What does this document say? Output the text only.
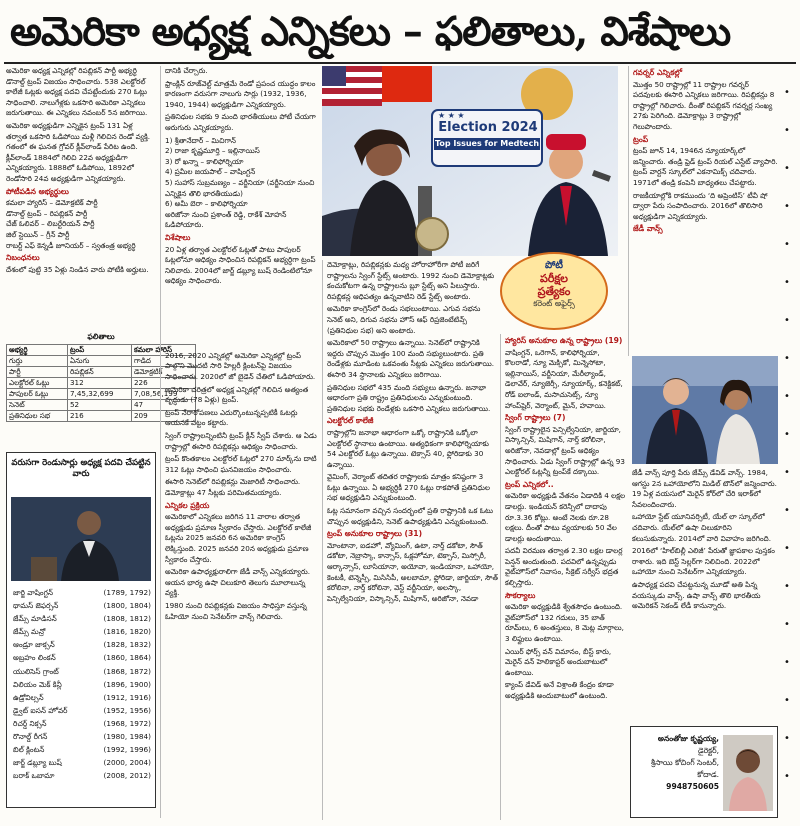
అమెరికా అధ్యక్ష ఎన్నికలు – ఫలితాలు, విశేషాలు

అమెరికా అధ్యక్ష ఎన్నికల్లో రిపబ్లికన్ పార్టీ అభ్యర్థి డొనాల్డ్ ట్రంప్ విజయం సాధించారు. 538 ఎలక్టోరల్ కాలేజీ ఓట్లకు అధ్యక్ష పదవి చేపట్టేందుకు 270 ఓట్లు సాధించాలి. నాలుగేళ్లకు ఒకసారి అమెరికా ఎన్నికలు జరుగుతాయి. ఈ ఎన్నికలు నవంబర్ 5న జరిగాయి.

అమెరికా అధ్యక్షుడిగా ఎన్నికైన ట్రంప్ 131 ఏళ్ల తర్వాత ఒకసారి ఓడిపోయి మళ్లీ గెలిచిన రెండో వ్యక్తి. గతంలో ఈ ఘనత గ్రోవర్ క్లీవ్‌లాండ్ పేరిట ఉంది. క్లీవ్‌లాండ్ 1884లో గెలిచి 22వ అధ్యక్షుడిగా ఎన్నికయ్యారు. 1888లో ఓడిపోయి, 1892లో రెండోసారి 24వ అధ్యక్షుడిగా ఎన్నికయ్యారు.

పోటీపడిన అభ్యర్థులు
కమలా హ్యారిస్ – డెమోక్రటిక్ పార్టీ
డొనాల్డ్ ట్రంప్ – రిపబ్లికన్ పార్టీ
చేజ్ ఓలివర్ – లిబర్టేరియన్ పార్టీ
జిల్ స్టెయిన్ – గ్రీన్ పార్టీ
రాబర్ట్ ఎఫ్ కెన్నడీ జూనియర్ – స్వతంత్ర అభ్యర్థి
నిబంధనలు

దేశంలో పుట్టి 35 ఏళ్లు నిండిన వారు పోటీకి అర్హులు.

ఫలితాలు
అభ్యర్థి	ట్రంప్	కమలా హారిస్
గుర్తు	ఏనుగు	గాడిద
పార్టీ	రిపబ్లికన్	డెమోక్రటిక్
ఎలక్టోరల్ ఓట్లు	312	226
పాపులర్ ఓట్లు	7,45,32,699	7,08,56,199
సెనెట్	52	47
ప్రతినిధుల సభ	216	209
వరుసగా రెండుసార్లు అధ్యక్ష పదవి చేపట్టిన వారు

జార్జి వాషింగ్టన్	(1789, 1792)

థామస్ జెఫర్సన్	(1800, 1804)

జేమ్స్ మాడిసన్	(1808, 1812)

జేమ్స్ మన్రో	(1816, 1820)

ఆండ్రూ జాక్సన్	(1828, 1832)

అబ్రహం లింకన్	(1860, 1864)

యులిసెస్ గ్రాంట్	(1868, 1872)

విలియం మెక్ కిన్లీ	(1896, 1900)

ఉడ్రోవిల్సన్	(1912, 1916)

డ్వైట్ ఐసన్ హోవర్	(1952, 1956)

రిచర్డ్ నిక్సన్	(1968, 1972)

రొనాల్డ్ రీగన్	(1980, 1984)

బిల్ క్లింటన్	(1992, 1996)

జార్జ్ డబ్ల్యూ బుష్	(2000, 2004)

బరాక్ ఒబామా	(2008, 2012)

దానికి చేర్చారు.

ఫ్రాంక్లిన్ రూజ్‌వెల్ట్ మాత్రమే రెండో ప్రపంచ యుద్ధం కాలం కారణంగా వరుసగా నాలుగు సార్లు (1932, 1936, 1940, 1944) అధ్యక్షుడిగా ఎన్నికయ్యారు.

ప్రతినిధుల సభకు 9 మంది భారతీయులు పోటీ చేయగా ఆరుగురు ఎన్నికయ్యారు.

1) శ్రీతానేదార్ – మిచిగాన్
2) రాజా కృష్ణమూర్తి – ఇల్లినాయిస్
3) రో ఖన్నా – కాలిఫోర్నియా
4) ప్రమీల జయపాల్ – వాషింగ్టన్
5) సుహాస్ సుబ్రమణ్యం – వర్జీనియా (వర్జీనియా నుంచి ఎన్నికైన తొలి భారతీయుడు)
6) అమీ బెరా – కాలిఫోర్నియా

అరిజోనా నుంచి ప్రశాంత్ రెడ్డి, రాకేశ్ మోహన్ ఓడిపోయారు.

విశేషాలు

20 ఏళ్ల తర్వాత ఎలక్టోరల్ ఓట్లతో పాటు పాపులర్ ఓట్లలోనూ ఆధిక్యం సాధించిన రిపబ్లికన్ అభ్యర్థిగా ట్రంప్ నిలిచారు. 2004లో జార్జ్ డబ్ల్యూ బుష్ రెండింటిలోనూ ఆధిక్యం సాధించారు.

2016, 2020 ఎన్నికల్లో అమెరికా ఎన్నికల్లో ట్రంప్ పాల్గొని మొదటి సారి హిల్లరీ క్లింటన్‌పై విజయం సాధించారు. 2020లో జో బైడెన్ చేతిలో ఓడిపోయారు.

అమెరికా చరిత్రలో అధ్యక్ష ఎన్నికల్లో గెలిచిన అత్యంత వృద్ధుడు (78 ఏళ్లు) ట్రంప్.

ట్రంప్ నేరారోపణలు ఎదుర్కొంటున్నప్పటికీ ఓటర్లు ఆయనకే పట్టం కట్టారు.

స్వింగ్ రాష్ట్రాలన్నింటినీ ట్రంప్ క్లీన్ స్వీప్ చేశారు. ఆ ఏడు రాష్ట్రాల్లో ఈసారి రిపబ్లికన్లు ఆధిక్యం సాధించారు.

ట్రంప్ కొంతకాలం ఎలక్టోరల్ ఓట్లలో 270 మార్క్‌ను దాటి 312 ఓట్లు సాధించి ఘనవిజయం సాధించారు.

ఈసారి సెనెట్‌లో రిపబ్లికన్లు మెజారిటీ సాధించారు. డెమోక్రాట్లు 47 సీట్లకు పరిమితమయ్యారు.

ఎన్నికల ప్రక్రియ

అమెరికాలో ఎన్నికలు జరిగిన 11 వారాల తర్వాత అధ్యక్షుడు ప్రమాణ స్వీకారం చేస్తారు. ఎలక్టోరల్ కాలేజీ ఓట్లను 2025 జనవరి 6న అమెరికా కాంగ్రెస్ లెక్కిస్తుంది. 2025 జనవరి 20న అధ్యక్షుడు ప్రమాణ స్వీకారం చేస్తారు.

అమెరికా ఉపాధ్యక్షురాలిగా జేడీ వాన్స్ ఎన్నికయ్యారు. ఆయన భార్య ఉషా చిలుకూరి తెలుగు మూలాలున్న వ్యక్తి.

1980 నుంచి రిపబ్లికన్లకు విజయం సాధిస్తూ వస్తున్న ఓహియో నుంచి సెనేటర్‌గా వాన్స్ గెలిచారు.

★ ★ ★
Election 2024
Top Issues for Medtech
పోటీ
పరీక్షల
ప్రత్యేకం
కరెంట్ అఫైర్స్

దెమోక్రాట్లు, రిపబ్లికన్లకు మధ్య హోరాహోరీగా పోటీ జరిగే రాష్ట్రాలను స్వింగ్ స్టేట్స్ అంటారు. 1992 నుంచి డెమోక్రాట్లకు కంచుకోటగా ఉన్న రాష్ట్రాలను బ్లూ స్టేట్స్ అని పిలుస్తారు. రిపబ్లికన్ల ఆధిపత్యం ఉన్నవాటిని రెడ్ స్టేట్స్ అంటారు.

అమెరికా కాంగ్రెస్‌లో రెండు సభలుంటాయి. ఎగువ సభను సెనెట్ అని, దిగువ సభను హౌస్ ఆఫ్ రిప్రజెంటేటివ్స్ (ప్రతినిధుల సభ) అని అంటారు.

అమెరికాలో 50 రాష్ట్రాలు ఉన్నాయి. సెనెట్‌లో రాష్ట్రానికి ఇద్దరు చొప్పున మొత్తం 100 మంది సభ్యులుంటారు. ప్రతి రెండేళ్లకు మూడింట ఒకవంతు సీట్లకు ఎన్నికలు జరుగుతాయి. ఈసారి 34 స్థానాలకు ఎన్నికలు జరిగాయి.

ప్రతినిధుల సభలో 435 మంది సభ్యులు ఉన్నారు. జనాభా ఆధారంగా ప్రతి రాష్ట్రం ప్రతినిధులను ఎన్నుకుంటుంది. ప్రతినిధుల సభకు రెండేళ్లకు ఒకసారి ఎన్నికలు జరుగుతాయి.

ఎలక్టోరల్ కాలేజీ

రాష్ట్రాల్లోని జనాభా ఆధారంగా ఒక్కో రాష్ట్రానికి ఒక్కోలా ఎలక్టోరల్ స్థానాలు ఉంటాయి. అత్యధికంగా కాలిఫోర్నియాకు 54 ఎలక్టోరల్ ఓట్లు ఉన్నాయి. టెక్సాస్ 40, ఫ్లోరిడాకు 30 ఉన్నాయి.

వైమింగ్, వెర్మాంట్ తదితర రాష్ట్రాలకు మాత్రం కనిష్ఠంగా 3 ఓట్లు ఉన్నాయి. ఏ అభ్యర్థికీ 270 ఓట్లు రాకపోతే ప్రతినిధుల సభ అధ్యక్షుడిని ఎన్నుకుంటుంది.

ఓట్ల సమానంగా వచ్చిన సందర్భంలో ప్రతి రాష్ట్రానికి ఒక ఓటు చొప్పున అధ్యక్షుడిని, సెనెట్ ఉపాధ్యక్షుడిని ఎన్నుకుంటుంది.

ట్రంప్ అనుకూల రాష్ట్రాలు (31)

మోంటానా, ఐడహో, వ్యోమింగ్, ఉటా, నార్త్ డకోటా, సౌత్ డకోటా, నెబ్రాస్కా, కాన్సాస్, ఓక్లహోమా, టెక్సాస్, మిస్సోరీ, ఆర్కాన్సాస్, లూసియానా, అయోవా, ఇండియానా, ఒహాయో, కెంటకీ, టెన్నెస్సీ, మిసిసిపీ, అలబామా, ఫ్లోరిడా, జార్జియా, సౌత్ కరోలినా, నార్త్ కరోలినా, వెస్ట్ వర్జీనియా, అలస్కా, పెన్సిల్వేనియా, విస్కాన్సిన్, మిషిగాన్, అరిజోనా, నెవడా

హ్యారిస్ అనుకూల ఉన్న రాష్ట్రాలు (19)

వాషింగ్టన్, ఒరెగాన్, కాలిఫోర్నియా, కొలరాడో, న్యూ మెక్సికో, మిన్నెసోటా, ఇల్లినాయిస్, వర్జీనియా, మేరీల్యాండ్, డెలావేర్, న్యూజెర్సీ, న్యూయార్క్, కనెక్టికట్, రోడ్ ఐలాండ్, మసాచుసెట్స్, న్యూ హాంప్‌షైర్, వెర్మాంట్, మైన్, హవాయి.

స్వింగ్ రాష్ట్రాలు (7)

స్వింగ్ రాష్ట్రాలైన పెన్సిల్వేనియా, జార్జియా, విస్కాన్సిన్, మిషిగాన్, నార్త్ కరోలినా, అరిజోనా, నెవడాల్లో ట్రంప్ ఆధిక్యం సాధించారు. ఏడు స్వింగ్ రాష్ట్రాల్లో ఉన్న 93 ఎలక్టోరల్ ఓట్లన్నీ ట్రంప్‌కే దక్కాయి.

ట్రంప్ ఎన్నికలో..

అమెరికా అధ్యక్షుడి వేతనం ఏడాదికి 4 లక్షల డాలర్లు. ఇండియన్ కరెన్సీలో దాదాపు రూ.3.36 కోట్లు. అంటే నెలకు రూ.28 లక్షలు. దీంతో పాటు వ్యయాలకు 50 వేల డాలర్లు అందుతాయి.

పదవీ విరమణ తర్వాత 2.30 లక్షల డాలర్ల పెన్షన్ అందుతుంది. పదవిలో ఉన్నప్పుడు వైట్‌హౌస్‌లో నివాసం, సీక్రెట్ సర్వీస్ భద్రత కల్పిస్తారు.

సౌకర్యాలు

అమెరికా అధ్యక్షుడికి శ్వేతసౌధం ఉంటుంది. వైట్‌హౌస్‌లో 132 గదులు, 35 బాత్ రూమ్‌లు, 6 అంతస్తులు, 8 మెట్ల మార్గాలు, 3 లిఫ్టులు ఉంటాయి.

ఎయిర్ ఫోర్స్ వన్ విమానం, బీస్ట్ కారు, మెరైన్ వన్ హెలికాప్టర్ అందుబాటులో ఉంటాయి.

క్యాంప్ డేవిడ్ అనే విశ్రాంతి కేంద్రం కూడా అధ్యక్షుడికి అందుబాటులో ఉంటుంది.

గవర్నర్ ఎన్నికల్లో

మొత్తం 50 రాష్ట్రాల్లో 11 రాష్ట్రాల గవర్నర్ పదవులకు ఈసారి ఎన్నికలు జరిగాయి. రిపబ్లికన్లు 8 రాష్ట్రాల్లో గెలిచారు. దీంతో రిపబ్లికన్ గవర్నర్ల సంఖ్య 27కు పెరిగింది. డెమోక్రాట్లు 3 రాష్ట్రాల్లో గెలుపొందారు.

ట్రంప్

ట్రంప్ జూన్ 14, 1946న న్యూయార్క్‌లో జన్మించారు. తండ్రి ఫ్రెడ్ ట్రంప్ రియల్ ఎస్టేట్ వ్యాపారి. ట్రంప్ వార్టన్ స్కూల్‌లో ఎకనామిక్స్ చదివారు. 1971లో తండ్రి కంపెనీ బాధ్యతలు చేపట్టారు.

రాజకీయాల్లోకి రాకముందు ‘ది అప్రెంటిస్’ టీవీ షో ద్వారా పేరు సంపాదించారు. 2016లో తొలిసారి అధ్యక్షుడిగా ఎన్నికయ్యారు.

జేడీ వాన్స్

జేడీ వాన్స్ పూర్తి పేరు జేమ్స్ డేవిడ్ వాన్స్. 1984, ఆగస్టు 2న ఒహాయోలోని మిడిల్ టౌన్‌లో జన్మించారు. 19 ఏళ్ల వయసులో మెరైన్ కోర్‌లో చేరి ఇరాక్‌లో సేవలందించారు.

ఒహాయో స్టేట్ యూనివర్సిటీ, యేల్ లా స్కూల్‌లో చదివారు. యేల్‌లో ఉషా చిలుకూరిని కలుసుకున్నారు. 2014లో వారి వివాహం జరిగింది.

2016లో ‘హిల్‌బిల్లీ ఎలిజీ’ పేరుతో జ్ఞాపకాల పుస్తకం రాశారు. ఇది బెస్ట్ సెల్లర్‌గా నిలిచింది. 2022లో ఒహాయో నుంచి సెనేటర్‌గా ఎన్నికయ్యారు.

ఉపాధ్యక్ష పదవి చేపట్టనున్న మూడో అతి పిన్న వయస్కుడు వాన్స్. ఉషా వాన్స్ తొలి భారతీయ అమెరికన్ సెకండ్ లేడీ కానున్నారు.

అనంతోజు కృష్ణయ్య,
డైరెక్టర్,
శ్రీసాయి కోచింగ్ సెంటర్,
కోదాడ.
9948750605
•
•
•
•
•
•
•
•
•
•
•
•
•
•
•
•
•
•
•
